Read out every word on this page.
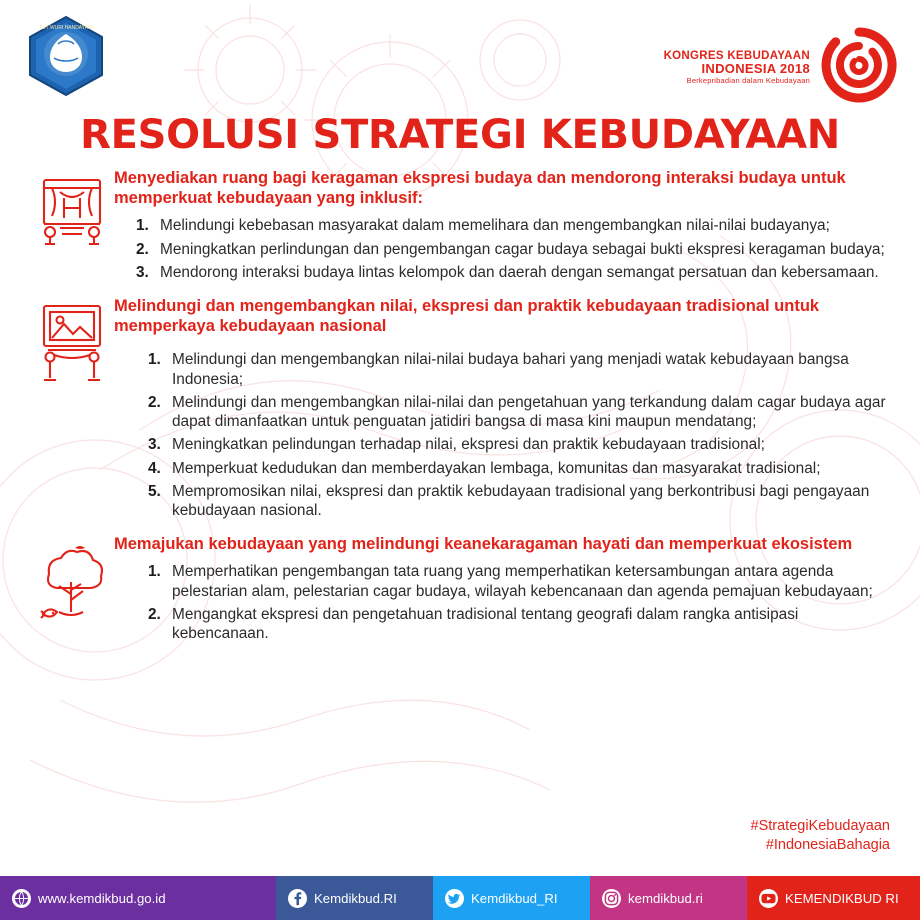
TUT WURI HANDAYANI
KONGRES KEBUDAYAAN
INDONESIA 2018
Berkepribadian dalam Kebudayaan
RESOLUSI STRATEGI KEBUDAYAAN

Menyediakan ruang bagi keragaman ekspresi budaya dan mendorong interaksi budaya untuk memperkuat kebudayaan yang inklusif:

1. Melindungi kebebasan masyarakat dalam memelihara dan mengembangkan nilai-nilai budayanya;
2. Meningkatkan perlindungan dan pengembangan cagar budaya sebagai bukti ekspresi keragaman budaya;
3. Mendorong interaksi budaya lintas kelompok dan daerah dengan semangat persatuan dan kebersamaan.

Melindungi dan mengembangkan nilai, ekspresi dan praktik kebudayaan tradisional untuk memperkaya kebudayaan nasional

1. Melindungi dan mengembangkan nilai-nilai budaya bahari yang menjadi watak kebudayaan bangsa Indonesia;
2. Melindungi dan mengembangkan nilai-nilai dan pengetahuan yang terkandung dalam cagar budaya agar dapat dimanfaatkan untuk penguatan jatidiri bangsa di masa kini maupun mendatang;
3. Meningkatkan pelindungan terhadap nilai, ekspresi dan praktik kebudayaan tradisional;
4. Memperkuat kedudukan dan memberdayakan lembaga, komunitas dan masyarakat tradisional;
5. Mempromosikan nilai, ekspresi dan praktik kebudayaan tradisional yang berkontribusi bagi pengayaan kebudayaan nasional.

Memajukan kebudayaan yang melindungi keanekaragaman hayati dan memperkuat ekosistem

1. Memperhatikan pengembangan tata ruang yang memperhatikan ketersambungan antara agenda pelestarian alam, pelestarian cagar budaya, wilayah kebencanaan dan agenda pemajuan kebudayaan;
2. Mengangkat ekspresi dan pengetahuan tradisional tentang geografi dalam rangka antisipasi kebencanaan.
#StrategiKebudayaan
#IndonesiaBahagia
www.kemdikbud.go.id	Kemdikbud.RI	Kemdikbud_RI	kemdikbud.ri	KEMENDIKBUD RI
